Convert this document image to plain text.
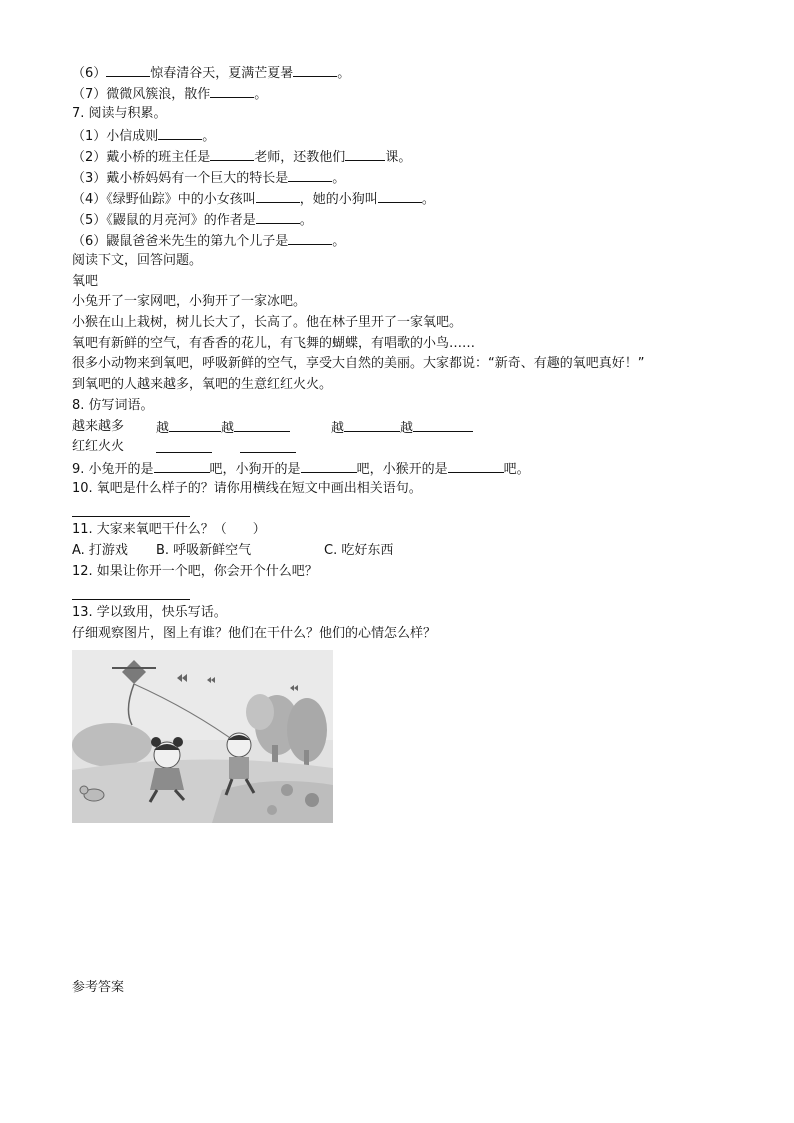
（6）	惊春清谷天，夏满芒夏暑	。
（7）微微风簇浪，散作	。
7. 阅读与积累。
（1）小信成则	。
（2）戴小桥的班主任是	老师，还教他们	课。
（3）戴小桥妈妈有一个巨大的特长是	。
（4）《绿野仙踪》中的小女孩叫	，她的小狗叫	。
（5）《鼹鼠的月亮河》的作者是	。
（6）鼹鼠爸爸米先生的第九个儿子是	。
阅读下文，回答问题。
氧吧
小兔开了一家网吧，小狗开了一家冰吧。
小猴在山上栽树，树儿长大了，长高了。他在林子里开了一家氧吧。
氧吧有新鲜的空气，有香香的花儿，有飞舞的蝴蝶，有唱歌的小鸟……
很多小动物来到氧吧，呼吸新鲜的空气，享受大自然的美丽。大家都说：“新奇、有趣的氧吧真好！”
到氧吧的人越来越多，氧吧的生意红红火火。
8. 仿写词语。
越来越多 越	越	越	越
红红火火
9. 小兔开的是	吧，小狗开的是	吧，小猴开的是	吧。
10. 氧吧是什么样子的？请你用横线在短文中画出相关语句。
11. 大家来氧吧干什么？（　　）
A. 打游戏 B. 呼吸新鲜空气	C. 吃好东西
12. 如果让你开一个吧，你会开个什么吧？
13. 学以致用，快乐写话。
仔细观察图片，图上有谁？他们在干什么？他们的心情怎么样？
参考答案
